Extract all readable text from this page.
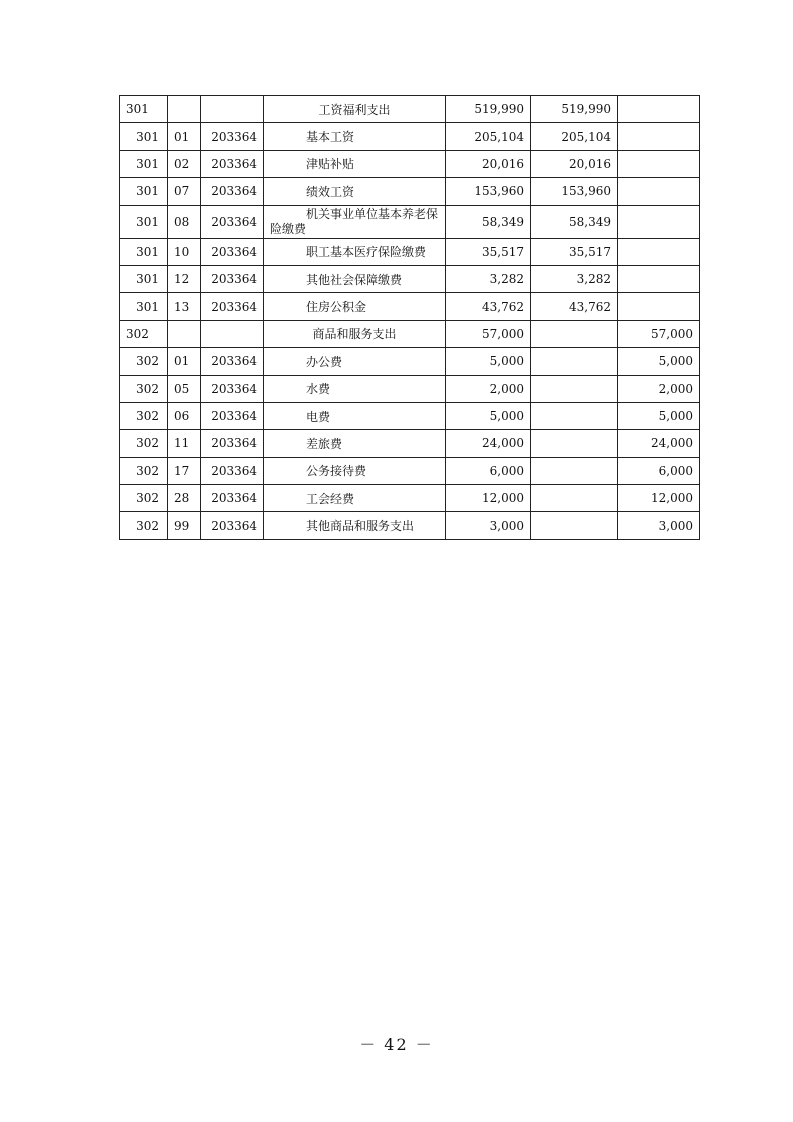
301			工资福利支出	519,990	519,990	
301	01	203364	基本工资	205,104	205,104	
301	02	203364	津贴补贴	20,016	20,016	
301	07	203364	绩效工资	153,960	153,960	
301	08	203364	机关事业单位基本养老保
险缴费	58,349	58,349	
301	10	203364	职工基本医疗保险缴费	35,517	35,517	
301	12	203364	其他社会保障缴费	3,282	3,282	
301	13	203364	住房公积金	43,762	43,762	
302			商品和服务支出	57,000		57,000
302	01	203364	办公费	5,000		5,000
302	05	203364	水费	2,000		2,000
302	06	203364	电费	5,000		5,000
302	11	203364	差旅费	24,000		24,000
302	17	203364	公务接待费	6,000		6,000
302	28	203364	工会经费	12,000		12,000
302	99	203364	其他商品和服务支出	3,000		3,000
－ 42 －
